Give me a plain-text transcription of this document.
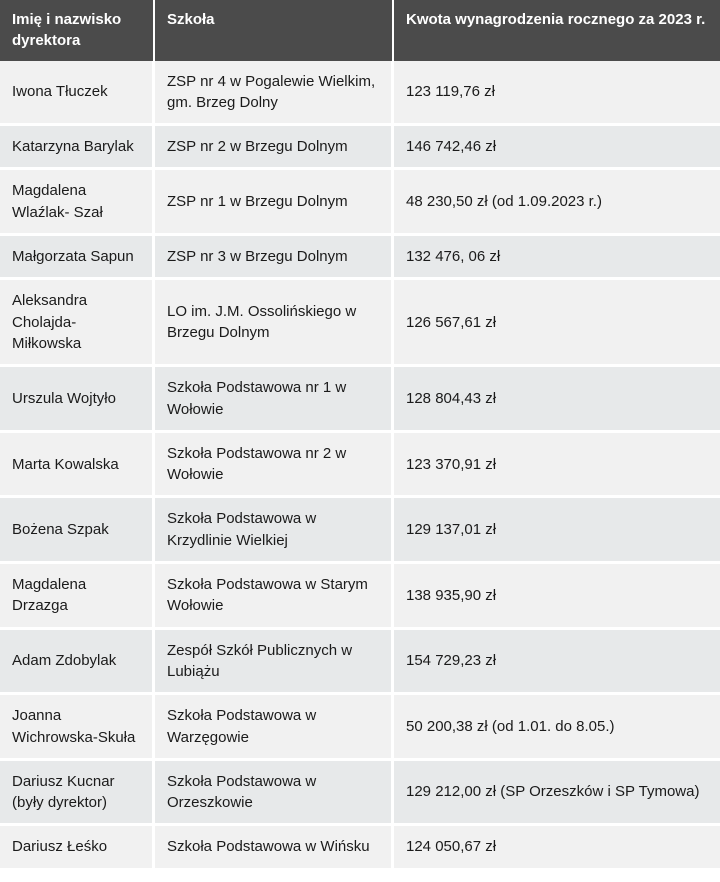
Imię i nazwisko dyrektora	Szkoła	Kwota wynagrodzenia rocznego za 2023 r.

Iwona Tłuczek	ZSP nr 4 w Pogalewie Wielkim, gm. Brzeg Dolny	123 119,76 zł

Katarzyna Barylak	ZSP nr 2 w Brzegu Dolnym	146 742,46 zł

Magdalena Wlaźlak- Szał	ZSP nr 1 w Brzegu Dolnym	48 230,50 zł (od 1.09.2023 r.)

Małgorzata Sapun	ZSP nr 3 w Brzegu Dolnym	132 476, 06 zł

Aleksandra Cholajda-Miłkowska	LO im. J.M. Ossolińskiego w Brzegu Dolnym	126 567,61 zł

Urszula Wojtyło	Szkoła Podstawowa nr 1 w Wołowie	128 804,43 zł

Marta Kowalska	Szkoła Podstawowa nr 2 w Wołowie	123 370,91 zł

Bożena Szpak	Szkoła Podstawowa w Krzydlinie Wielkiej	129 137,01 zł

Magdalena Drzazga	Szkoła Podstawowa w Starym Wołowie	138 935,90 zł

Adam Zdobylak	Zespół Szkół Publicznych w Lubiążu	154 729,23 zł

Joanna Wichrowska-Skuła	Szkoła Podstawowa w Warzęgowie	50 200,38 zł (od 1.01. do 8.05.)

Dariusz Kucnar (były dyrektor)	Szkoła Podstawowa w Orzeszkowie	129 212,00 zł (SP Orzeszków i SP Tymowa)

Dariusz Łeśko	Szkoła Podstawowa w Wińsku	124 050,67 zł
